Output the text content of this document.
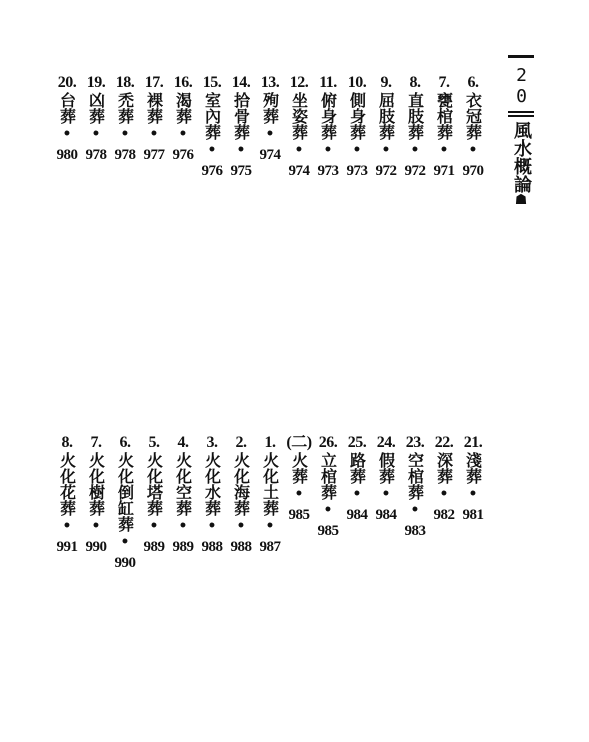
20
風水概論
☗
20.
台葬
•
980
19.
凶葬
•
978
18.
禿葬
•
978
17.
裸葬
•
977
16.
渴葬
•
976
15.
室內葬
•
976
14.
拾骨葬
•
975
13.
殉葬
•
974
12.
坐姿葬
•
974
11.
俯身葬
•
973
10.
側身葬
•
973
9.
屈肢葬
•
972
8.
直肢葬
•
972
7.
甕棺葬
•
971
6.
衣冠葬
•
970
8.
火化花葬
•
991
7.
火化樹葬
•
990
6.
火化倒缸葬
•
990
5.
火化塔葬
•
989
4.
火化空葬
•
989
3.
火化水葬
•
988
2.
火化海葬
•
988
1.
火化土葬
•
987
(二)
火葬
•
985
26.
立棺葬
•
985
25.
路葬
•
984
24.
假葬
•
984
23.
空棺葬
•
983
22.
深葬
•
982
21.
淺葬
•
981
